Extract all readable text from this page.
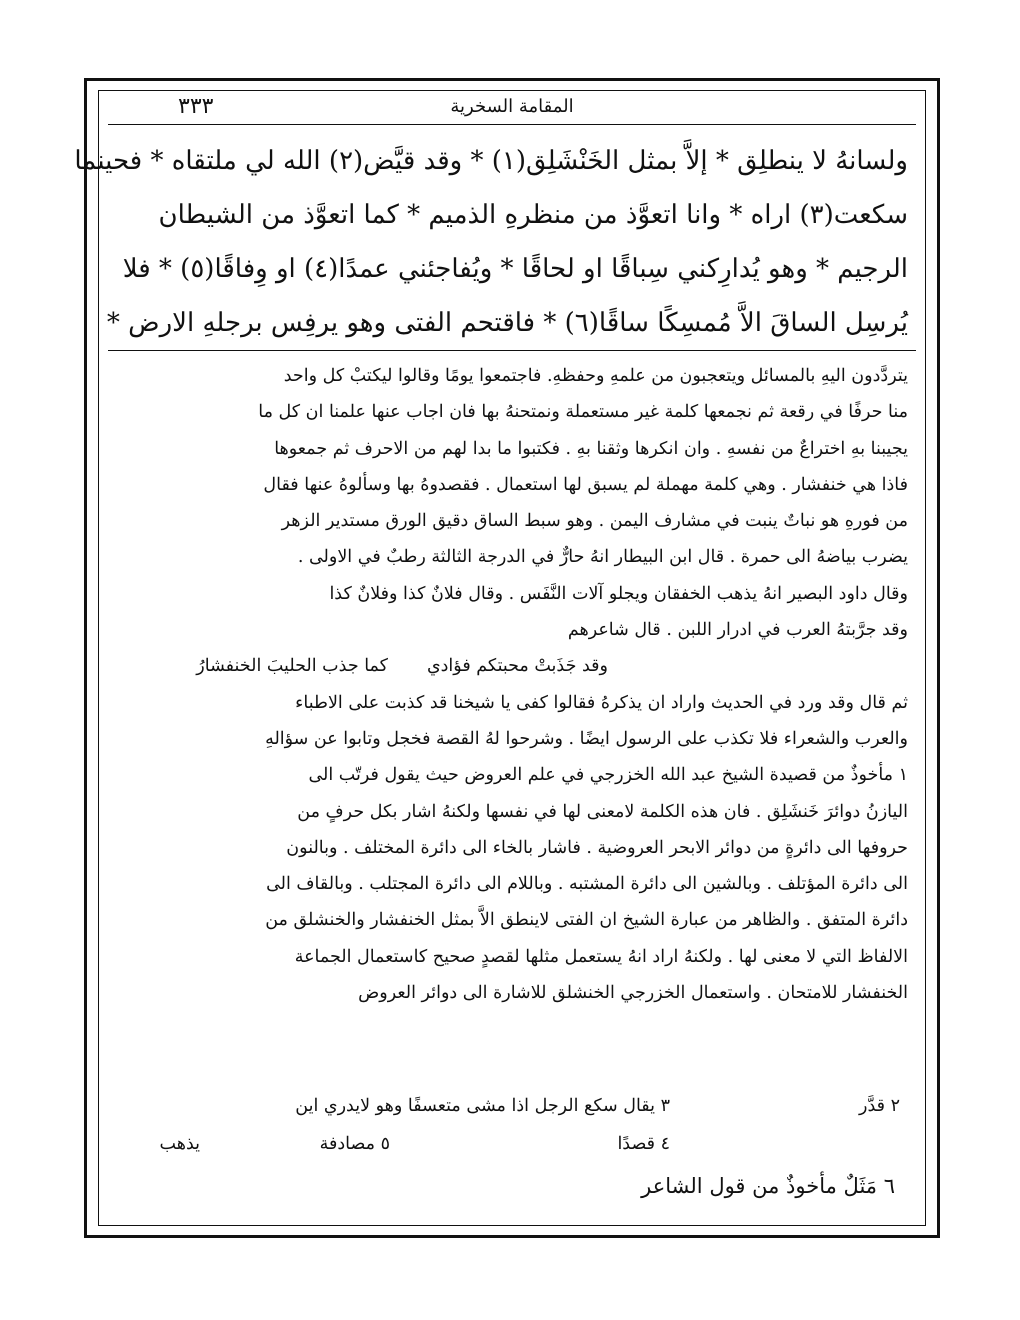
المقامة السخرية
٣٣٣
ولسانهُ لا ينطلِق * إلاَّ بمثل الخَنْشَلِق(١) * وقد قيَّض(٢) الله لي ملتقاه * فحينما
سكعت(٣) اراه * وانا اتعوَّذ من منظرهِ الذميم * كما اتعوَّذ من الشيطان
الرجيم * وهو يُدارِكني سِباقًا او لحاقًا * ويُفاجئني عمدًا(٤) او وِفاقًا(٥) * فلا
يُرسِل الساقَ الاَّ مُمسِكًا ساقًا(٦) * فاقتحم الفتى وهو يرفِس برجلهِ الارض *
يتردَّدون اليهِ بالمسائل ويتعجبون من علمهِ وحفظهِ. فاجتمعوا يومًا وقالوا ليكتبْ كل واحد
منا حرفًا في رقعة ثم نجمعها كلمة غير مستعملة ونمتحنهُ بها فان اجاب عنها علمنا ان كل ما
يجيبنا بهِ اختراعٌ من نفسهِ . وان انكرها وثقنا بهِ . فكتبوا ما بدا لهم من الاحرف ثم جمعوها
فاذا هي خنفشار . وهي كلمة مهملة لم يسبق لها استعمال . فقصدوهُ بها وسألوهُ عنها فقال
من فورهِ هو نباتٌ ينبت في مشارف اليمن . وهو سبط الساق دقيق الورق مستدير الزهر
يضرب بياضهُ الى حمرة . قال ابن البيطار انهُ حارٌّ في الدرجة الثالثة رطبٌ في الاولى .
وقال داود البصير انهُ يذهب الخفقان ويجلو آلات النَّفَس . وقال فلانٌ كذا وفلانٌ كذا
وقد جرَّبتهُ العرب في ادرار اللبن . قال شاعرهم
وقد جَذَبتْ محبتكم فؤادي
كما جذب الحليبَ الخنفشارُ
ثم قال وقد ورد في الحديث واراد ان يذكرهُ فقالوا كفى يا شيخنا قد كذبت على الاطباء
والعرب والشعراء فلا تكذب على الرسول ايضًا . وشرحوا لهُ القصة فخجل وتابوا عن سؤالهِ
١ مأخوذٌ من قصيدة الشيخ عبد الله الخزرجي في علم العروض حيث يقول فرتّب الى
اليازنُ دوائرَ خَنشَلِق . فان هذه الكلمة لامعنى لها في نفسها ولكنهُ اشار بكل حرفٍ من
حروفها الى دائرةٍ من دوائر الابحر العروضية . فاشار بالخاء الى دائرة المختلف . وبالنون
الى دائرة المؤتلف . وبالشين الى دائرة المشتبه . وباللام الى دائرة المجتلب . وبالقاف الى
دائرة المتفق . والظاهر من عبارة الشيخ ان الفتى لاينطق الاَّ بمثل الخنفشار والخنشلق من
الالفاظ التي لا معنى لها . ولكنهُ اراد انهُ يستعمل مثلها لقصدٍ صحيح كاستعمال الجماعة
الخنفشار للامتحان . واستعمال الخزرجي الخنشلق للاشارة الى دوائر العروض
٢ قدَّر
٣ يقال سكع الرجل اذا مشى متعسفًا وهو لايدري اين
يذهب	٤ قصدًا
٥ مصادفة
٦ مَثَلٌ مأخوذٌ من قول الشاعر
